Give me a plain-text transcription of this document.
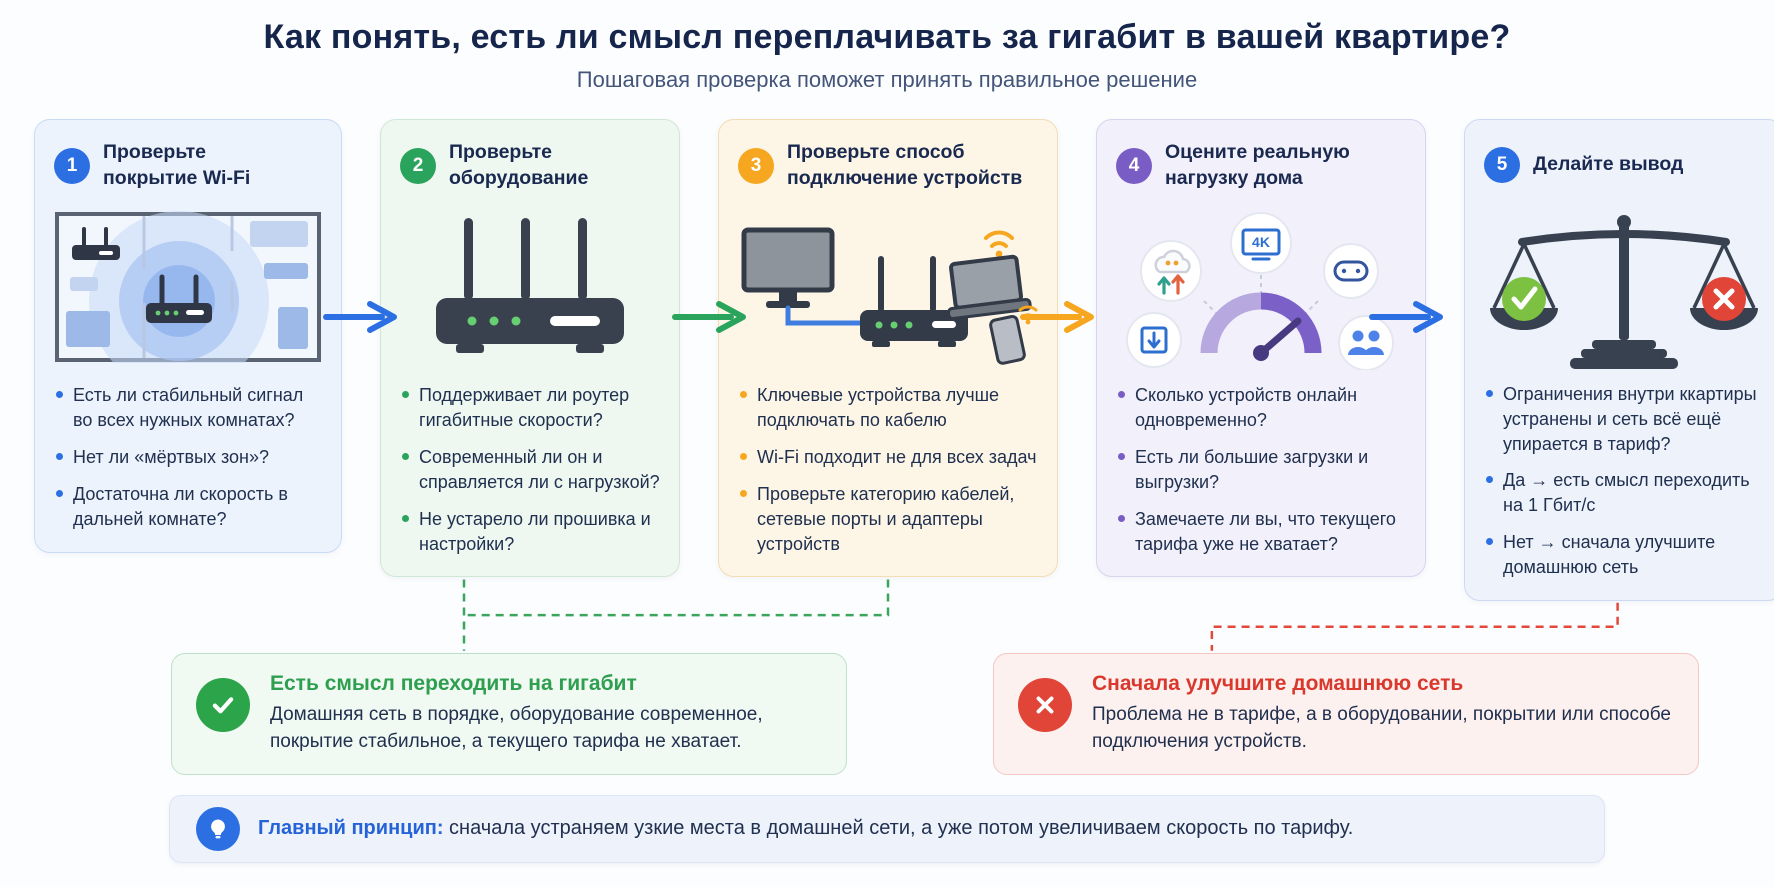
Как понять, есть ли смысл переплачивать за гигабит в вашей квартире?

Пошаговая проверка поможет принять правильное решение

1
Проверьте
покрытие Wi-Fi
Есть ли стабильный сигнал во всех нужных комнатах?
Нет ли «мёртвых зон»?
Достаточна ли скорость в дальней комнате?
2
Проверьте
оборудование
Поддерживает ли роутер гигабитные скорости?
Современный ли он и справляется ли с нагрузкой?
Не устарело ли прошивка и настройки?
3
Проверьте способ
подключение устройств
Ключевые устройства лучше подключать по кабелю
Wi-Fi подходит не для всех задач
Проверьте категорию кабелей, сетевые порты и адаптеры устройств
4
Оцените реальную
нагрузку дома
4K
Сколько устройств онлайн одновременно?
Есть ли большие загрузки и выгрузки?
Замечаете ли вы, что текущего тарифа уже не хватает?
5	Делайте вывод
Ограничения внутри ккартиры устранены и сеть всё ещё упирается в тариф?
Да → есть смысл переходить на 1 Гбит/с
Нет → сначала улучшите домашнюю сеть

Есть смысл переходить на гигабит

Домашняя сеть в порядке, оборудование современное, покрытие стабильное, а текущего тарифа не хватает.

Сначала улучшите домашнюю сеть

Проблема не в тарифе, а в оборудовании, покрытии или способе подключения устройств.

Главный принцип: сначала устраняем узкие места в домашней сети, а уже потом увеличиваем скорость по тарифу.
